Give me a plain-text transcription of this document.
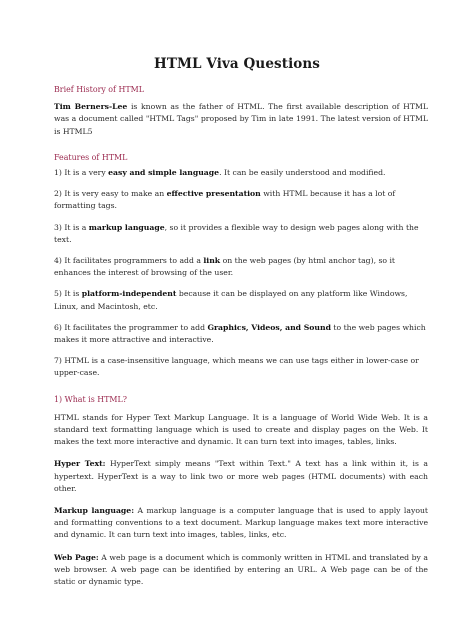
HTML Viva Questions
Brief History of HTML

Tim Berners-Lee is known as the father of HTML. The first available description of HTML was a document called "HTML Tags" proposed by Tim in late 1991. The latest version of HTML is HTML5

Features of HTML

1) It is a very easy and simple language. It can be easily understood and modified.

2) It is very easy to make an effective presentation with HTML because it has a lot of formatting tags.

3) It is a markup language, so it provides a flexible way to design web pages along with the text.

4) It facilitates programmers to add a link on the web pages (by html anchor tag), so it enhances the interest of browsing of the user.

5) It is platform-independent because it can be displayed on any platform like Windows, Linux, and Macintosh, etc.

6) It facilitates the programmer to add Graphics, Videos, and Sound to the web pages which makes it more attractive and interactive.

7) HTML is a case-insensitive language, which means we can use tags either in lower-case or upper-case.

1) What is HTML?

HTML stands for Hyper Text Markup Language. It is a language of World Wide Web. It is a standard text formatting language which is used to create and display pages on the Web. It makes the text more interactive and dynamic. It can turn text into images, tables, links.

Hyper Text: HyperText simply means "Text within Text." A text has a link within it, is a hypertext. HyperText is a way to link two or more web pages (HTML documents) with each other.

Markup language: A markup language is a computer language that is used to apply layout and formatting conventions to a text document. Markup language makes text more interactive and dynamic. It can turn text into images, tables, links, etc.

Web Page: A web page is a document which is commonly written in HTML and translated by a web browser. A web page can be identified by entering an URL. A Web page can be of the static or dynamic type.
